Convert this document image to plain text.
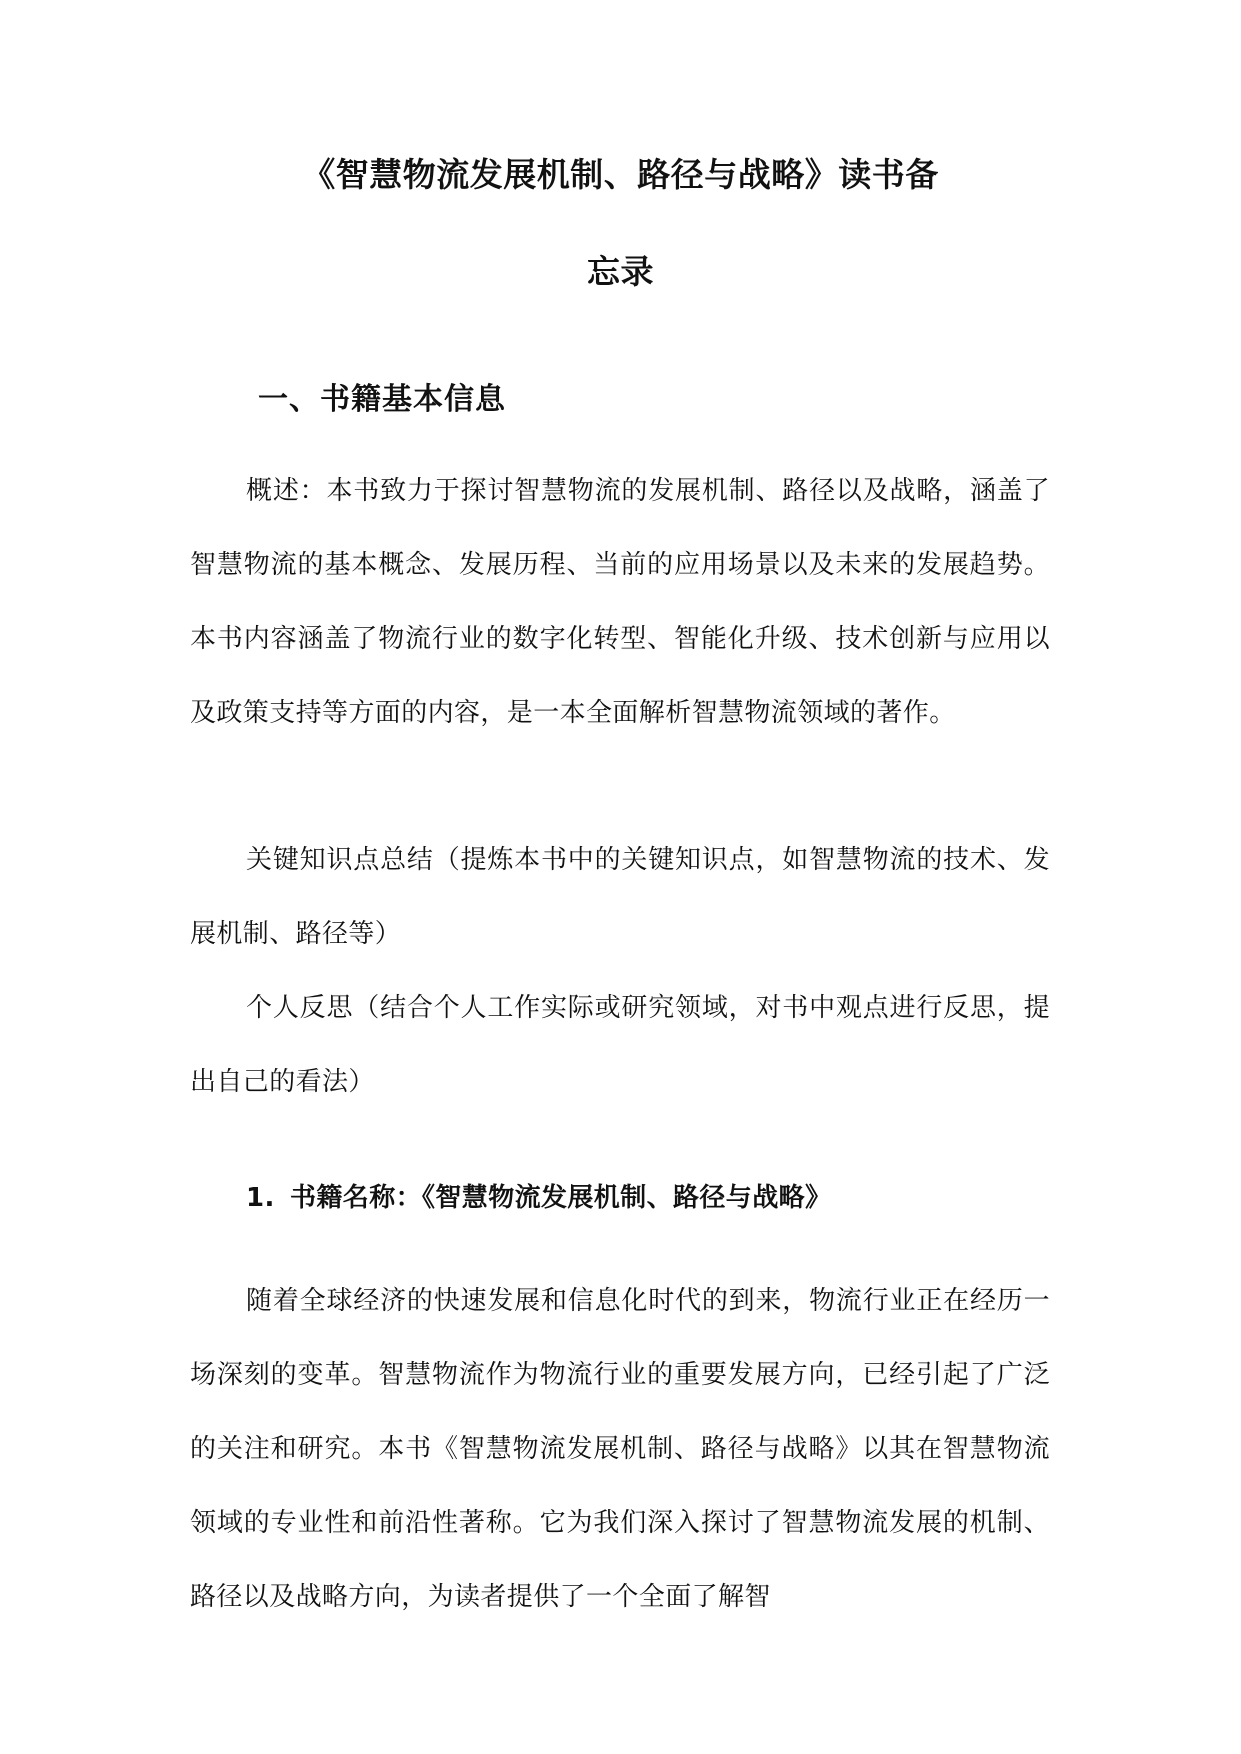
《智慧物流发展机制、路径与战略》读书备
忘录
一、书籍基本信息

概述：本书致力于探讨智慧物流的发展机制、路径以及战略，涵盖了智慧物流的基本概念、发展历程、当前的应用场景以及未来的发展趋势。本书内容涵盖了物流行业的数字化转型、智能化升级、技术创新与应用以及政策支持等方面的内容，是一本全面解析智慧物流领域的著作。

关键知识点总结（提炼本书中的关键知识点，如智慧物流的技术、发展机制、路径等）

个人反思（结合个人工作实际或研究领域，对书中观点进行反思，提出自己的看法）

1. 书籍名称：《智慧物流发展机制、路径与战略》

随着全球经济的快速发展和信息化时代的到来，物流行业正在经历一场深刻的变革。智慧物流作为物流行业的重要发展方向，已经引起了广泛的关注和研究。本书《智慧物流发展机制、路径与战略》以其在智慧物流领域的专业性和前沿性著称。它为我们深入探讨了智慧物流发展的机制、路径以及战略方向，为读者提供了一个全面了解智
